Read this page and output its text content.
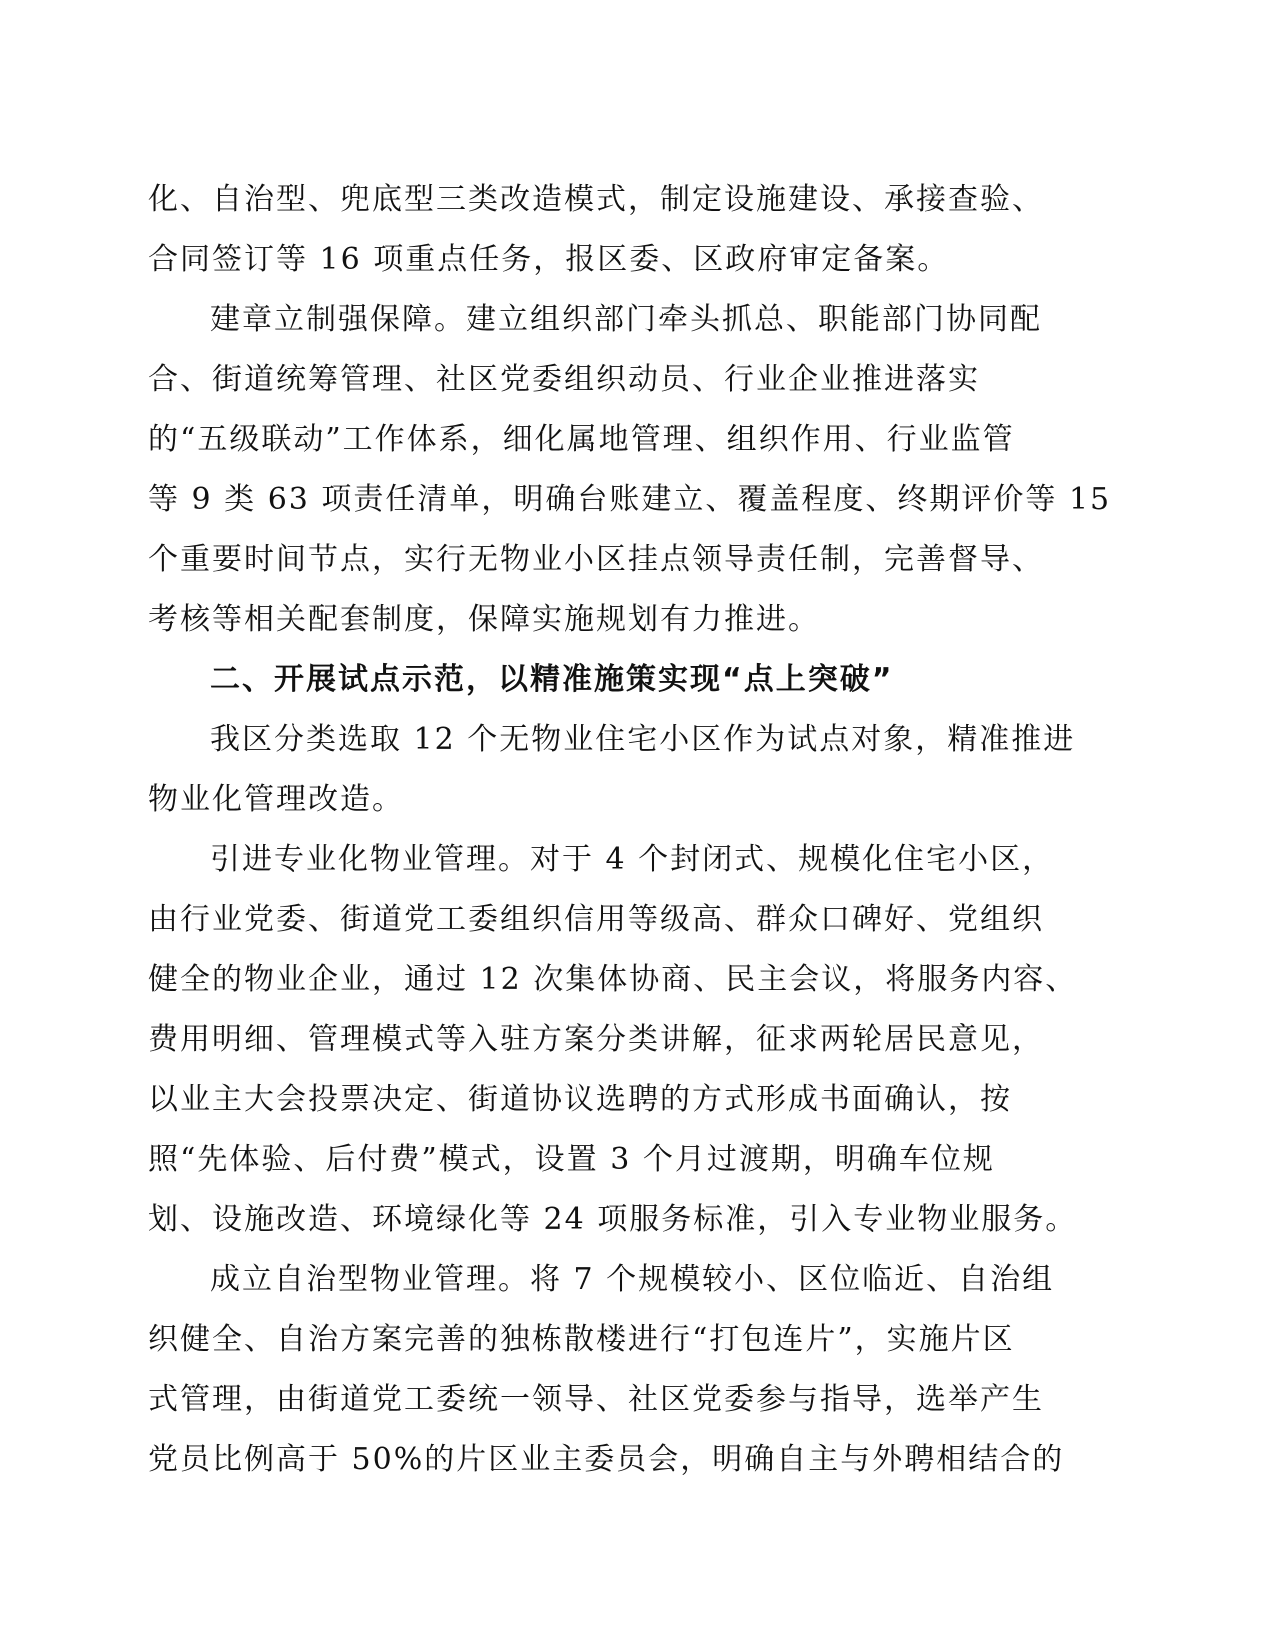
化、自治型、兜底型三类改造模式，制定设施建设、承接查验、
合同签订等 16 项重点任务，报区委、区政府审定备案。
建章立制强保障。建立组织部门牵头抓总、职能部门协同配
合、街道统筹管理、社区党委组织动员、行业企业推进落实
的“五级联动”工作体系，细化属地管理、组织作用、行业监管
等 9 类 63 项责任清单，明确台账建立、覆盖程度、终期评价等 15
个重要时间节点，实行无物业小区挂点领导责任制，完善督导、
考核等相关配套制度，保障实施规划有力推进。
二、开展试点示范，以精准施策实现“点上突破”
我区分类选取 12 个无物业住宅小区作为试点对象，精准推进
物业化管理改造。
引进专业化物业管理。对于 4 个封闭式、规模化住宅小区，
由行业党委、街道党工委组织信用等级高、群众口碑好、党组织
健全的物业企业，通过 12 次集体协商、民主会议，将服务内容、
费用明细、管理模式等入驻方案分类讲解，征求两轮居民意见，
以业主大会投票决定、街道协议选聘的方式形成书面确认，按
照“先体验、后付费”模式，设置 3 个月过渡期，明确车位规
划、设施改造、环境绿化等 24 项服务标准，引入专业物业服务。
成立自治型物业管理。将 7 个规模较小、区位临近、自治组
织健全、自治方案完善的独栋散楼进行“打包连片”，实施片区
式管理，由街道党工委统一领导、社区党委参与指导，选举产生
党员比例高于 50%的片区业主委员会，明确自主与外聘相结合的
